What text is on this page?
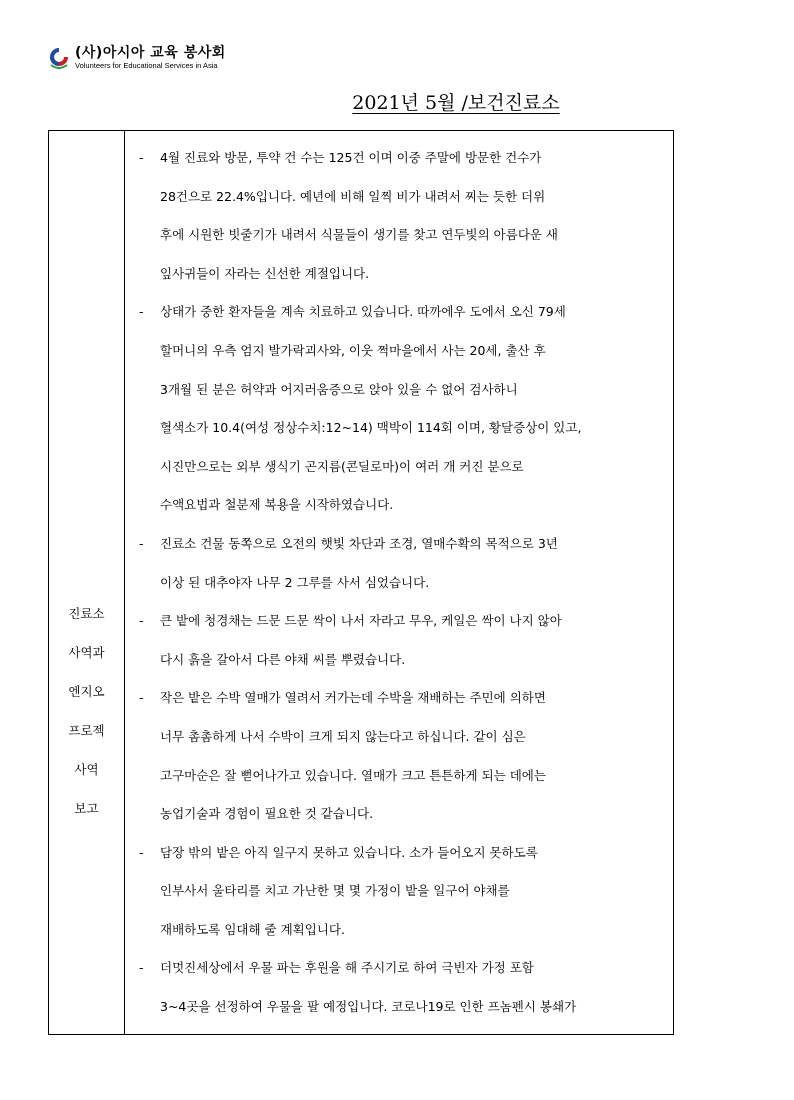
(사)아시아 교육 봉사회
Volunteers for Educational Services in Asia
2021년 5월 /보건진료소
진료소
사역과
엔지오
프로젝
사역
보고
- 4월 진료와 방문, 투약 건 수는 125건 이며 이중 주말에 방문한 건수가
28건으로 22.4%입니다. 예년에 비해 일찍 비가 내려서 찌는 듯한 더위
후에 시원한 빗줄기가 내려서 식물들이 생기를 찾고 연두빛의 아름다운 새
잎사귀들이 자라는 신선한 계절입니다.
- 상태가 중한 환자들을 계속 치료하고 있습니다. 따까에우 도에서 오신 79세
할머니의 우측 엄지 발가락괴사와, 이웃 쩍마을에서 사는 20세, 출산 후
3개월 된 분은 허약과 어지러움증으로 앉아 있을 수 없어 검사하니
혈색소가 10.4(여성 정상수치:12~14) 맥박이 114회 이며, 황달증상이 있고,
시진만으로는 외부 생식기 곤지름(콘딜로마)이 여러 개 커진 분으로
수액요법과 철분제 복용을 시작하였습니다.
- 진료소 건물 동쪽으로 오전의 햇빛 차단과 조경, 열매수확의 목적으로 3년
이상 된 대추야자 나무 2 그루를 사서 심었습니다.
- 큰 밭에 청경채는 드문 드문 싹이 나서 자라고 무우, 케일은 싹이 나지 않아
다시 흙을 갈아서 다른 야채 씨를 뿌렸습니다.
- 작은 밭은 수박 열매가 열려서 커가는데 수박을 재배하는 주민에 의하면
너무 촘촘하게 나서 수박이 크게 되지 않는다고 하십니다. 같이 심은
고구마순은 잘 뻗어나가고 있습니다. 열매가 크고 튼튼하게 되는 데에는
농업기술과 경험이 필요한 것 같습니다.
- 담장 밖의 밭은 아직 일구지 못하고 있습니다. 소가 들어오지 못하도록
인부사서 울타리를 치고 가난한 몇 몇 가정이 밭을 일구어 야채를
재배하도록 임대해 줄 계획입니다.
- 더멋진세상에서 우물 파는 후원을 해 주시기로 하여 극빈자 가정 포함
3~4곳을 선정하여 우물을 팔 예정입니다. 코로나19로 인한 프놈펜시 봉쇄가
